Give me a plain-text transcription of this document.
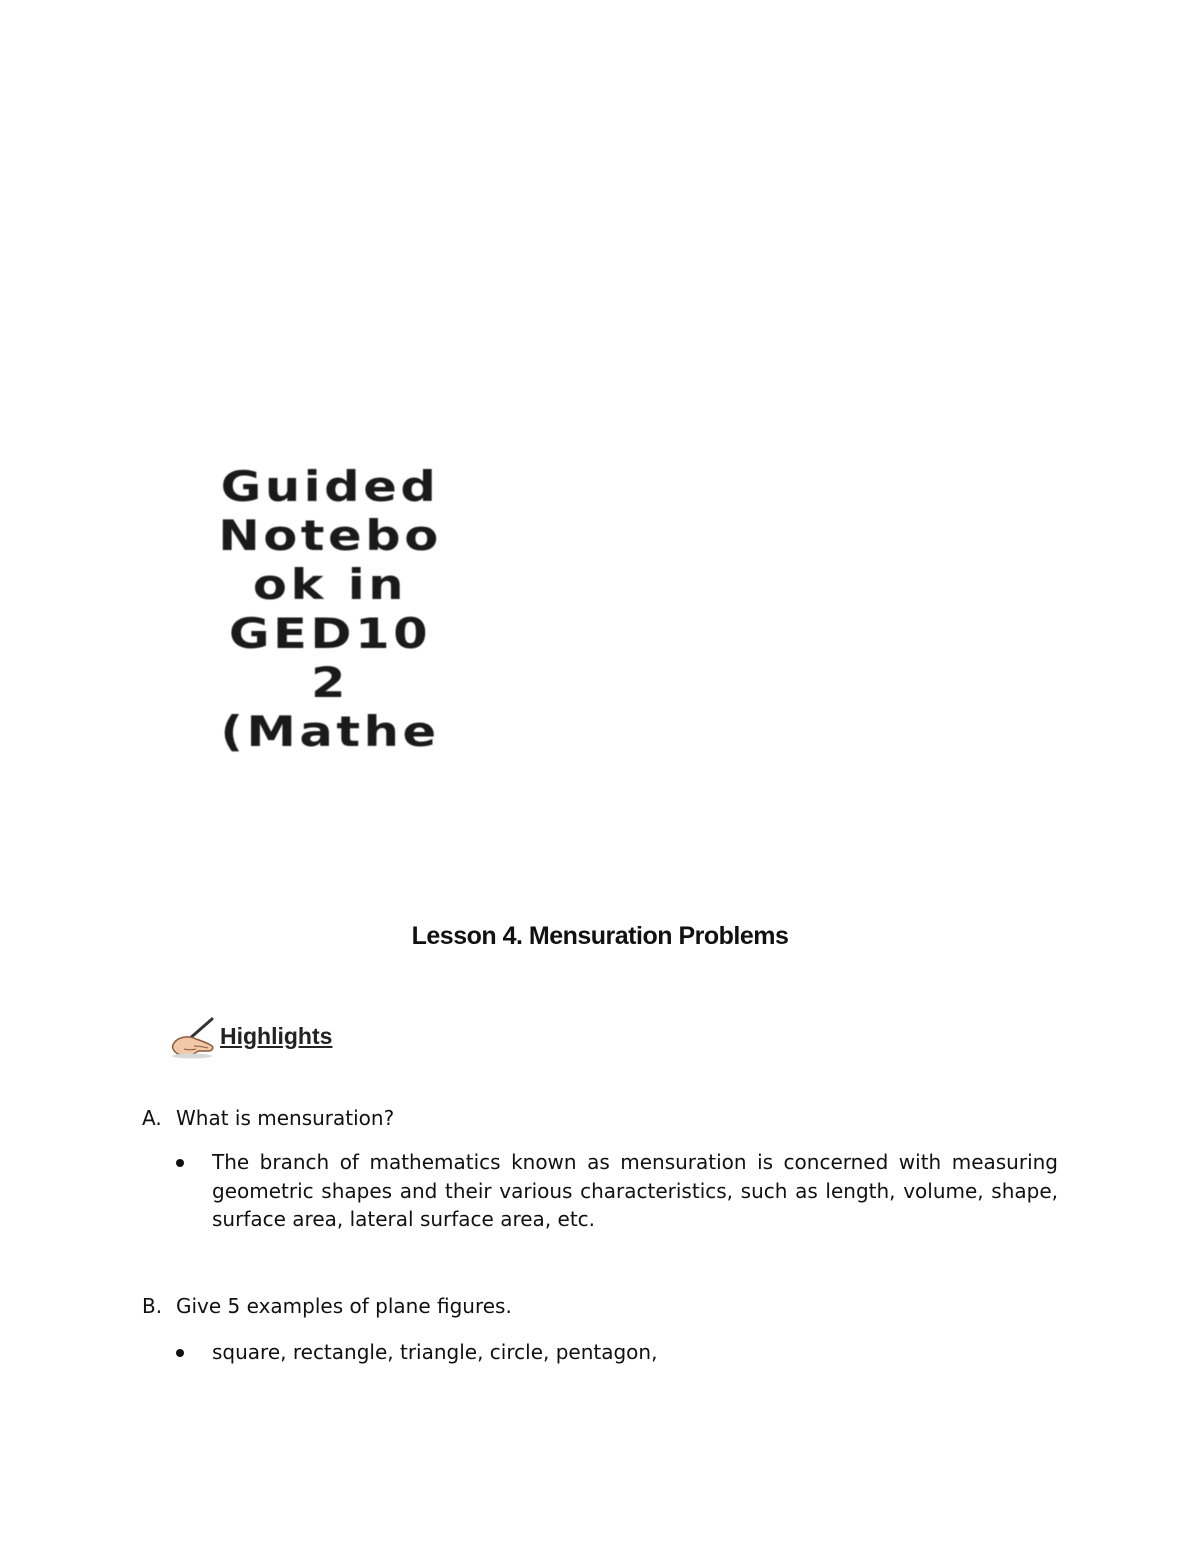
Guided
Notebo
ok in
GED10
2
(Mathe
Lesson 4. Mensuration Problems
Highlights
A. What is mensuration?
The branch of mathematics known as mensuration is concerned with measuring geometric shapes and their various characteristics, such as length, volume, shape, surface area, lateral surface area, etc.
B. Give 5 examples of plane figures.
square, rectangle, triangle, circle, pentagon,
